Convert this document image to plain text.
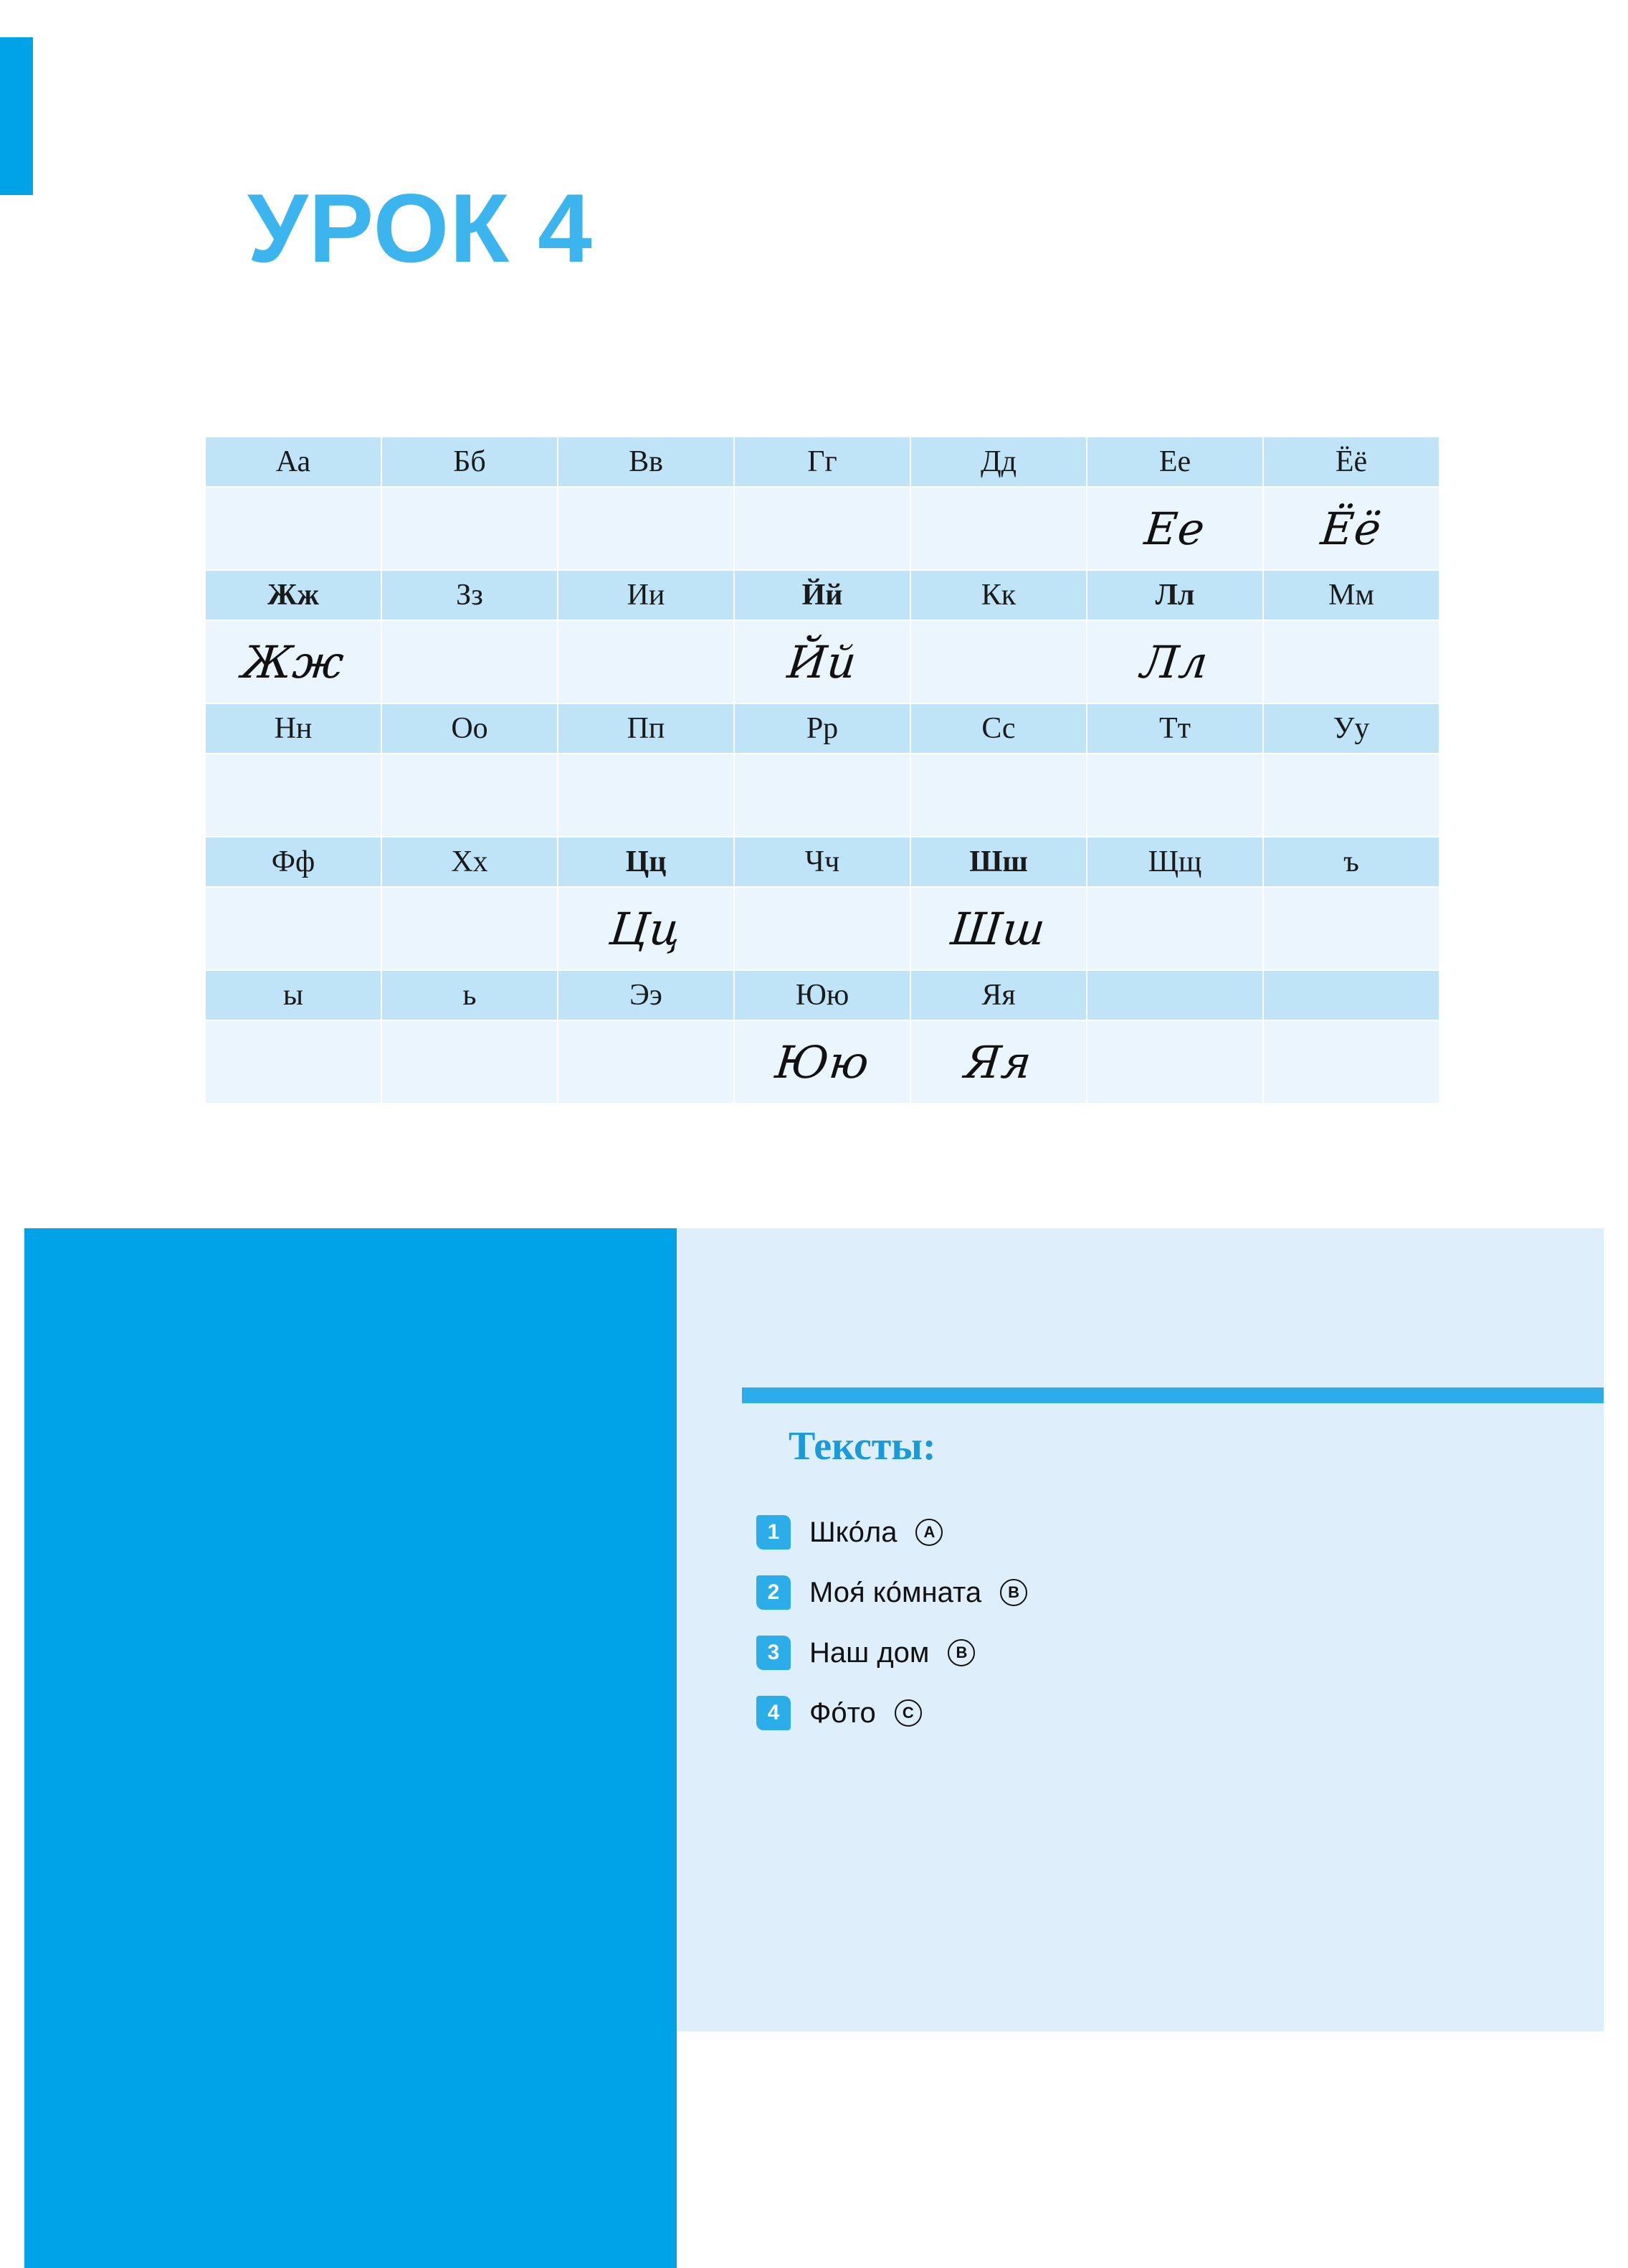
УРОК 4
Аа	Бб	Вв	Гг	Дд	Ее	Ёё
					Ее	Ёё
Жж	Зз	Ии	Йй	Кк	Лл	Мм
Жж			Йй		Лл	
Нн	Оо	Пп	Рр	Сс	Тт	Уу

Фф	Хх	Цц	Чч	Шш	Щщ	ъ
		Цц		Шш		
ы	ь	Ээ	Юю	Яя		
			Юю	Яя		
Тексты:
1	Шко́ла	A
2	Моя́ ко́мната	B
3	Наш дом	B
4	Фо́то	C
